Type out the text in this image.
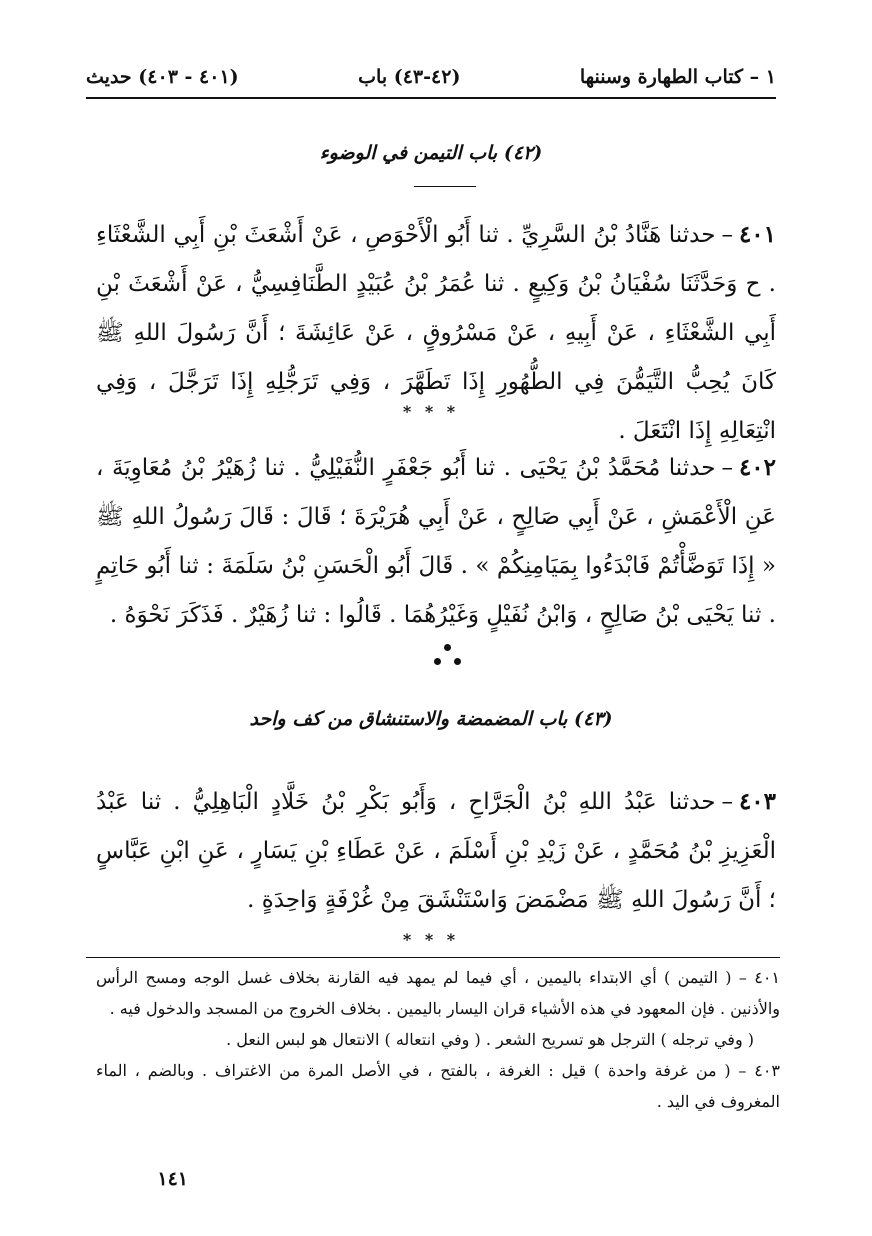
١ – كتاب الطهارة وسننها
(٤٢-٤٣) باب
(٤٠١ - ٤٠٣) حديث
(٤٢) باب التيمن في الوضوء
٤٠١–حدثنا هَنَّادُ بْنُ السَّرِيِّ . ثنا أَبُو الْأَحْوَصِ ، عَنْ أَشْعَثَ بْنِ أَبِي الشَّعْثَاءِ . ح وَحَدَّثَنَا سُفْيَانُ بْنُ وَكِيعٍ . ثنا عُمَرُ بْنُ عُبَيْدٍ الطَّنَافِسِيُّ ، عَنْ أَشْعَثَ بْنِ أَبِي الشَّعْثَاءِ ، عَنْ أَبِيهِ ، عَنْ مَسْرُوقٍ ، عَنْ عَائِشَةَ ؛ أَنَّ رَسُولَ اللهِ ﷺ كَانَ يُحِبُّ التَّيَمُّنَ فِي الطُّهُورِ إِذَا تَطَهَّرَ ، وَفِي تَرَجُّلِهِ إِذَا تَرَجَّلَ ، وَفِي انْتِعَالِهِ إِذَا انْتَعَلَ .
* * *
٤٠٢–حدثنا مُحَمَّدُ بْنُ يَحْيَى . ثنا أَبُو جَعْفَرٍ النُّفَيْلِيُّ . ثنا زُهَيْرُ بْنُ مُعَاوِيَةَ ، عَنِ الْأَعْمَشِ ، عَنْ أَبِي صَالِحٍ ، عَنْ أَبِي هُرَيْرَةَ ؛ قَالَ : قَالَ رَسُولُ اللهِ ﷺ « إِذَا تَوَضَّأْتُمْ فَابْدَءُوا بِمَيَامِنِكُمْ » . قَالَ أَبُو الْحَسَنِ بْنُ سَلَمَةَ : ثنا أَبُو حَاتِمٍ . ثنا يَحْيَى بْنُ صَالِحٍ ، وَابْنُ نُفَيْلٍ وَغَيْرُهُمَا . قَالُوا : ثنا زُهَيْرٌ . فَذَكَرَ نَحْوَهُ .
(٤٣) باب المضمضة والاستنشاق من كف واحد
٤٠٣–حدثنا عَبْدُ اللهِ بْنُ الْجَرَّاحِ ، وَأَبُو بَكْرِ بْنُ خَلَّادٍ الْبَاهِلِيُّ . ثنا عَبْدُ الْعَزِيزِ بْنُ مُحَمَّدٍ ، عَنْ زَيْدِ بْنِ أَسْلَمَ ، عَنْ عَطَاءِ بْنِ يَسَارٍ ، عَنِ ابْنِ عَبَّاسٍ ؛ أَنَّ رَسُولَ اللهِ ﷺ مَضْمَضَ وَاسْتَنْشَقَ مِنْ غُرْفَةٍ وَاحِدَةٍ .
* * *

٤٠١ – ( التيمن ) أي الابتداء باليمين ، أي فيما لم يمهد فيه القارنة بخلاف غسل الوجه ومسح الرأس والأذنين . فإن المعهود في هذه الأشياء قران اليسار باليمين . بخلاف الخروج من المسجد والدخول فيه .

( وفي ترجله ) الترجل هو تسريح الشعر . ( وفي انتعاله ) الانتعال هو لبس النعل .

٤٠٣ – ( من غرفة واحدة ) قيل : الغرفة ، بالفتح ، في الأصل المرة من الاغتراف . وبالضم ، الماء المغروف في اليد .

١٤١
